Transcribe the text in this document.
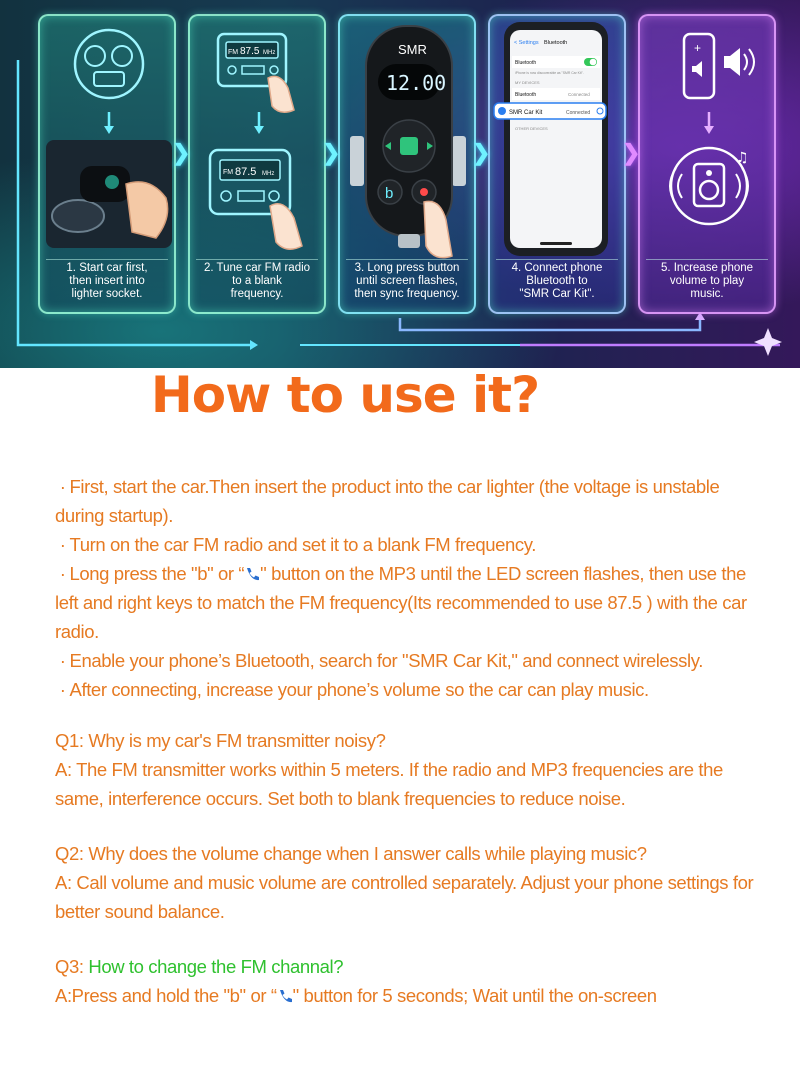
1. Start car first,
then insert into
lighter socket.
FM 87.5 MHz
FM 87.5 MHz
2. Tune car FM radio
to a blank
frequency.
SMR
12.00
b
3. Long press button
until screen flashes,
then sync frequency.
< Settings Bluetooth
Bluetooth
iPhone is now discoverable as "SMR Car Kit".
MY DEVICES
Bluetooth	Connected
SMR Car Kit	Connected
OTHER DEVICES
4. Connect phone
Bluetooth to
"SMR Car Kit".
+
♫
5. Increase phone
volume to play
music.
❯	❯	❯	❯
How to use it?

· First, start the car.Then insert the product into the car lighter (the voltage is unstable during startup).

· Turn on the car FM radio and set it to a blank FM frequency.

· Long press the "b" or “ " button on the MP3 until the LED screen flashes, then use the left and right keys to match the FM frequency(Its recommended to use 87.5 ) with the car radio.

· Enable your phone’s Bluetooth, search for "SMR Car Kit," and connect wirelessly.

· After connecting, increase your phone’s volume so the car can play music.

Q1: Why is my car's FM transmitter noisy?

A: The FM transmitter works within 5 meters. If the radio and MP3 frequencies are the same, interference occurs. Set both to blank frequencies to reduce noise.

Q2: Why does the volume change when I answer calls while playing music?

A: Call volume and music volume are controlled separately. Adjust your phone settings for better sound balance.

Q3: How to change the FM channal?

A:Press and hold the "b" or “ " button for 5 seconds; Wait until the on-screen
